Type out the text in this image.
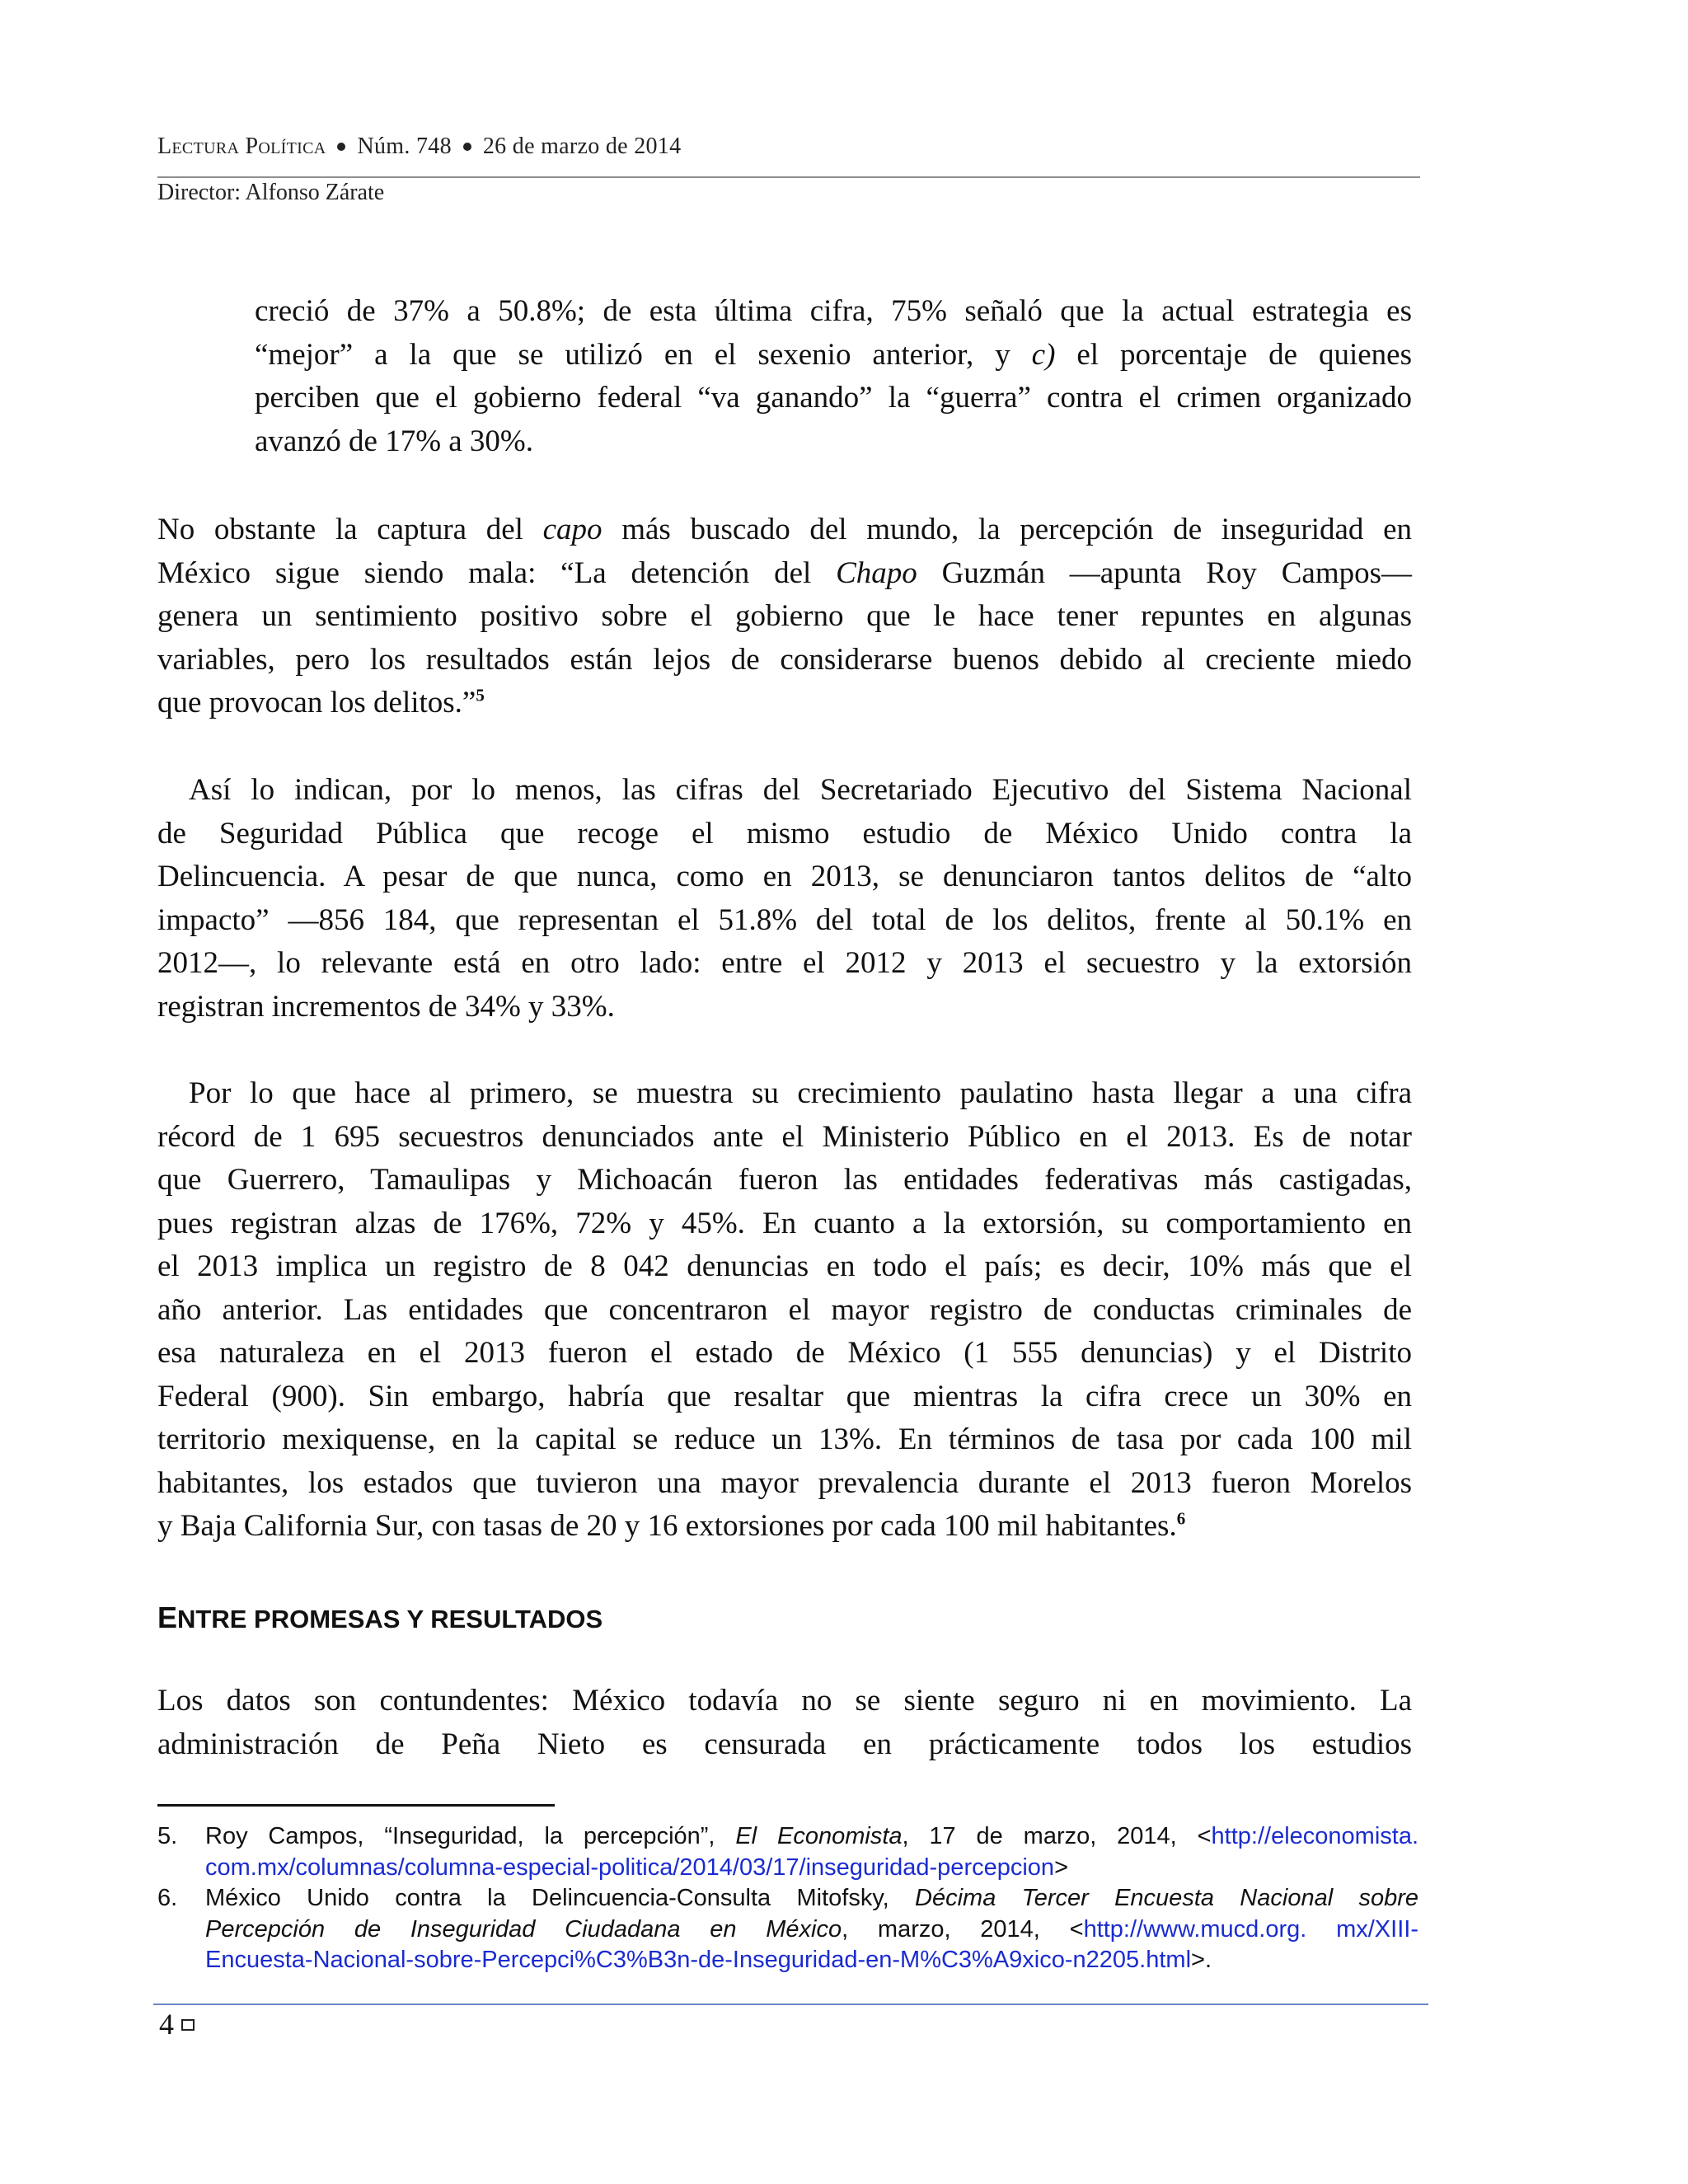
Lectura Política Núm. 748 26 de marzo de 2014
Director: Alfonso Zárate
creció de 37% a 50.8%; de esta última cifra, 75% señaló que la actual estrategia es
“mejor” a la que se utilizó en el sexenio anterior, y c) el porcentaje de quienes
perciben que el gobierno federal “va ganando” la “guerra” contra el crimen organizado
avanzó de 17% a 30%.
No obstante la captura del capo más buscado del mundo, la percepción de inseguridad en
México sigue siendo mala: “La detención del Chapo Guzmán —apunta Roy Campos—
genera un sentimiento positivo sobre el gobierno que le hace tener repuntes en algunas
variables, pero los resultados están lejos de considerarse buenos debido al creciente miedo
que provocan los delitos.”$^5$
Así lo indican, por lo menos, las cifras del Secretariado Ejecutivo del Sistema Nacional
de Seguridad Pública que recoge el mismo estudio de México Unido contra la
Delincuencia. A pesar de que nunca, como en 2013, se denunciaron tantos delitos de “alto
impacto” —856 184, que representan el 51.8% del total de los delitos, frente al 50.1% en
2012—, lo relevante está en otro lado: entre el 2012 y 2013 el secuestro y la extorsión
registran incrementos de 34% y 33%.
Por lo que hace al primero, se muestra su crecimiento paulatino hasta llegar a una cifra
récord de 1 695 secuestros denunciados ante el Ministerio Público en el 2013. Es de notar
que Guerrero, Tamaulipas y Michoacán fueron las entidades federativas más castigadas,
pues registran alzas de 176%, 72% y 45%. En cuanto a la extorsión, su comportamiento en
el 2013 implica un registro de 8 042 denuncias en todo el país; es decir, 10% más que el
año anterior. Las entidades que concentraron el mayor registro de conductas criminales de
esa naturaleza en el 2013 fueron el estado de México (1 555 denuncias) y el Distrito
Federal (900). Sin embargo, habría que resaltar que mientras la cifra crece un 30% en
territorio mexiquense, en la capital se reduce un 13%. En términos de tasa por cada 100 mil
habitantes, los estados que tuvieron una mayor prevalencia durante el 2013 fueron Morelos
y Baja California Sur, con tasas de 20 y 16 extorsiones por cada 100 mil habitantes.$^6$
ENTRE PROMESAS Y RESULTADOS
Los datos son contundentes: México todavía no se siente seguro ni en movimiento. La
administración de Peña Nieto es censurada en prácticamente todos los estudios
5. Roy Campos, “Inseguridad, la percepción”, El Economista, 17 de marzo, 2014, <http://eleconomista.
com.mx/columnas/columna-especial-politica/2014/03/17/inseguridad-percepcion>
6. México Unido contra la Delincuencia-Consulta Mitofsky, Décima Tercer Encuesta Nacional sobre
Percepción de Inseguridad Ciudadana en México, marzo, 2014, <http://www.mucd.org. mx/XIII-
Encuesta-Nacional-sobre-Percepci%C3%B3n-de-Inseguridad-en-M%C3%A9xico-n2205.html>.
4
